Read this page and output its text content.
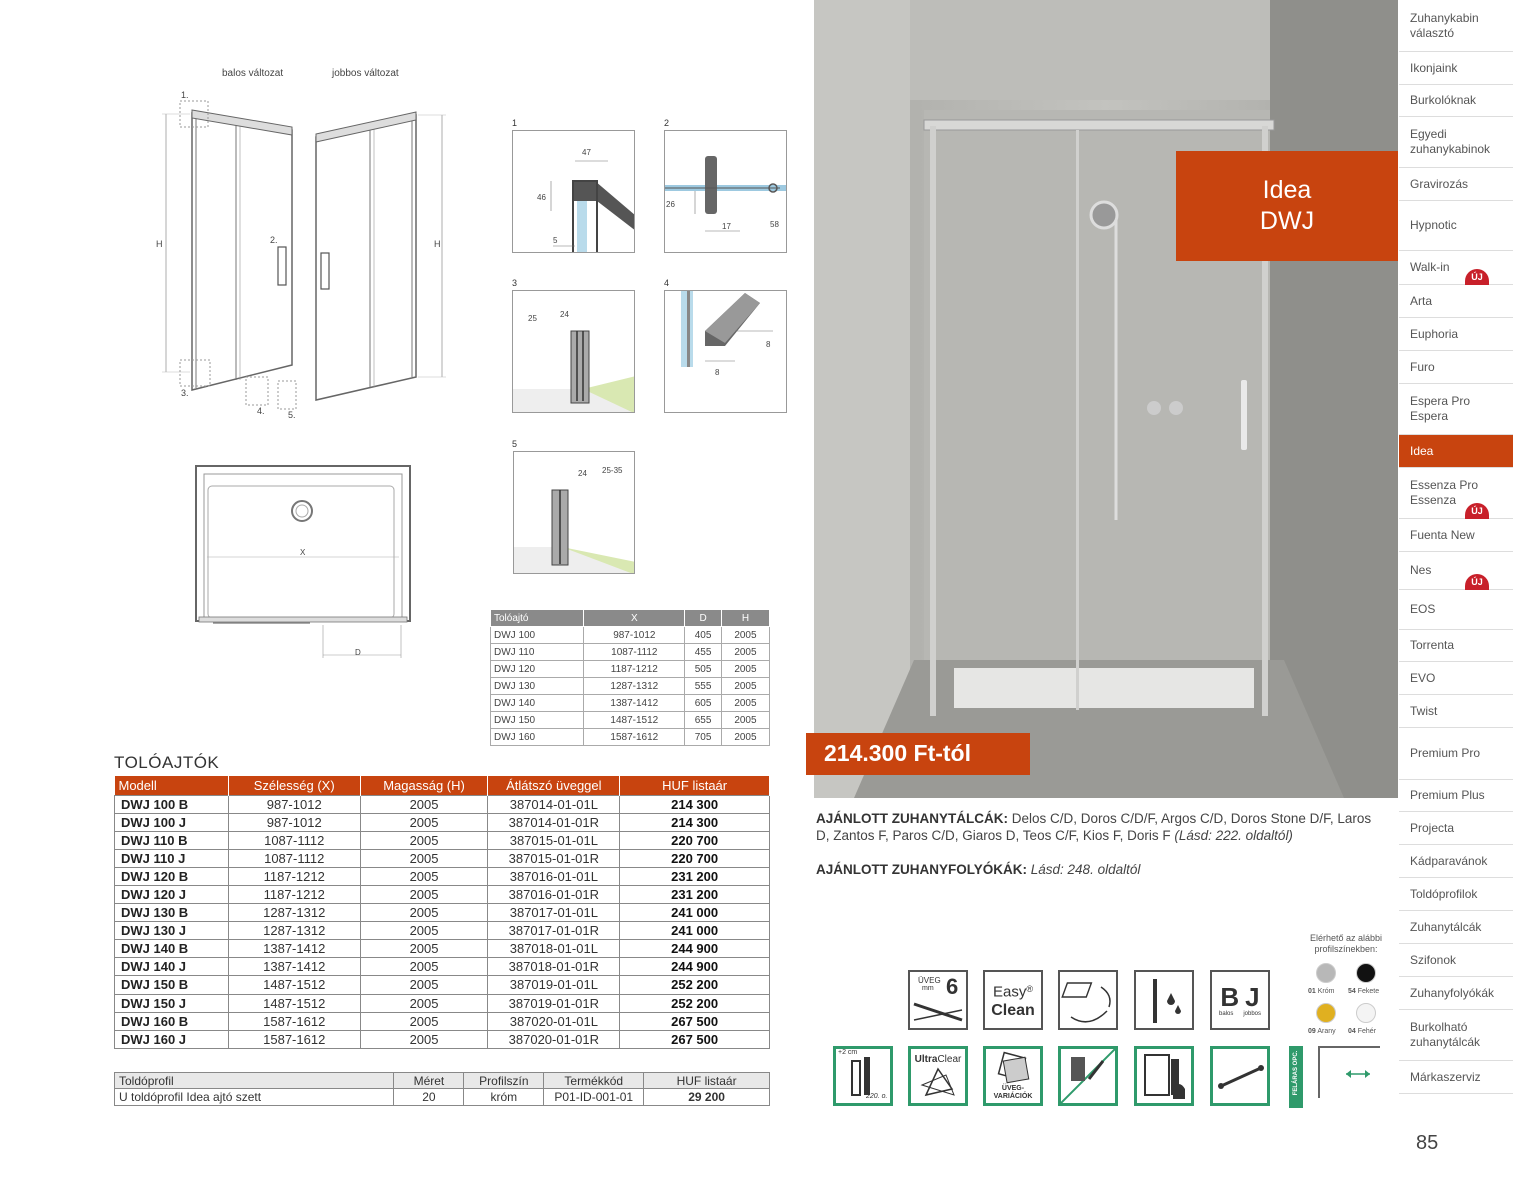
balos változat	jobbos változat
H	H
1.
2.
3.
4.	5.
X
D
1
47
46
5
2
26
17	58
3
25	24
4
8
8
5
24 25-35
Tolóajtó	X	D	H
DWJ 100	987-1012	405	2005
DWJ 110	1087-1112	455	2005
DWJ 120	1187-1212	505	2005
DWJ 130	1287-1312	555	2005
DWJ 140	1387-1412	605	2005
DWJ 150	1487-1512	655	2005
DWJ 160	1587-1612	705	2005
TOLÓAJTÓK
Modell	Szélesség (X)	Magasság (H)	Átlátszó üveggel	HUF listaár
DWJ 100 B	987-1012	2005	387014-01-01L	214 300
DWJ 100 J	987-1012	2005	387014-01-01R	214 300
DWJ 110 B	1087-1112	2005	387015-01-01L	220 700
DWJ 110 J	1087-1112	2005	387015-01-01R	220 700
DWJ 120 B	1187-1212	2005	387016-01-01L	231 200
DWJ 120 J	1187-1212	2005	387016-01-01R	231 200
DWJ 130 B	1287-1312	2005	387017-01-01L	241 000
DWJ 130 J	1287-1312	2005	387017-01-01R	241 000
DWJ 140 B	1387-1412	2005	387018-01-01L	244 900
DWJ 140 J	1387-1412	2005	387018-01-01R	244 900
DWJ 150 B	1487-1512	2005	387019-01-01L	252 200
DWJ 150 J	1487-1512	2005	387019-01-01R	252 200
DWJ 160 B	1587-1612	2005	387020-01-01L	267 500
DWJ 160 J	1587-1612	2005	387020-01-01R	267 500
Toldóprofil	Méret	Profilszín	Termékkód	HUF listaár
U toldóprofil Idea ajtó szett	20	króm	P01-ID-001-01	29 200
Idea
DWJ
214.300 Ft-tól
AJÁNLOTT ZUHANYTÁLCÁK: Delos C/D, Doros C/D/F, Argos C/D, Doros Stone D/F, Laros D, Zantos F, Paros C/D, Giaros D, Teos C/F, Kios F, Doris F (Lásd: 222. oldaltól)
AJÁNLOTT ZUHANYFOLYÓKÁK: Lásd: 248. oldaltól
ÜVEG
mm 6 Easy®
Clean	B J
balos jobbos
+2 cm
220. o.
UltraClear
ÜVEG-
VARIÁCIÓK
FELÁRAS OPC.
Elérhető az alábbi profilszínekben:
01 Króm 54 Fekete
09 Arany 04 Fehér
Zuhanykabin választó
Ikonjaink
Burkolóknak
Egyedi zuhanykabinok
Gravirozás
Hypnotic
Walk-in
ÚJ
Arta
Euphoria
Furo
Espera Pro Espera
Idea
Essenza Pro Essenza
ÚJ
Fuenta New
Nes
ÚJ
EOS
Torrenta
EVO
Twist
Premium Pro
Premium Plus
Projecta
Kádparavánok
Toldóprofilok
Zuhanytálcák
Szifonok
Zuhanyfolyókák
Burkolható zuhanytálcák
Márkaszerviz
85
